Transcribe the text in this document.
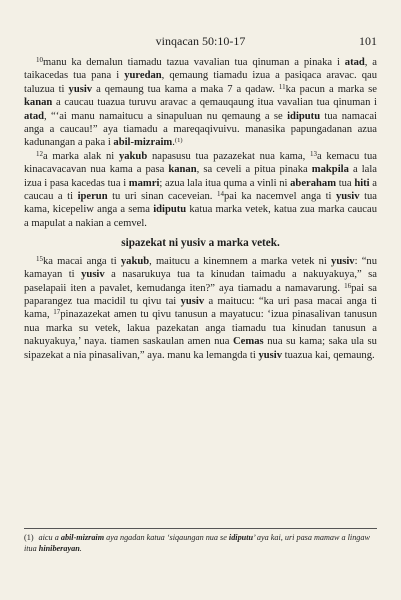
vinqacan 50:10-17	101

$^{10}$manu ka demalun tiamadu tazua vavalian tua qinuman a pinaka i atad, a taikacedas tua pana i yuredan, qemaung tiamadu izua a pasiqaca aravac. qau taluzua ti yusiv a qemaung tua kama a maka 7 a qadaw. $^{11}$ka pacun a marka se kanan a caucau tuazua turuvu aravac a qemauqaung itua vavalian tua qinuman i atad, “‘ai manu namaitucu a sinapuluan nu qemaung a se idiputu tua namacai anga a caucau!” aya tiamadu a mareqaqivuivu. manasika papungadanan azua kadunangan a paka i abil-mizraim.$^{(1)}$

$^{12}$a marka alak ni yakub napasusu tua pazazekat nua kama, $^{13}$a kemacu tua kinacavacavan nua kama a pasa kanan, sa ceveli a pitua pinaka makpila a lala izua i pasa kacedas tua i mamri; azua lala itua quma a vinli ni aberaham tua hiti a caucau a ti iperun tu uri sinan caceveian. $^{14}$pai ka nacemvel anga ti yusiv tua kama, kicepeliw anga a sema idiputu katua marka vetek, katua zua marka caucau a mapulat a nakian a cemvel.

sipazekat ni yusiv a marka vetek.

$^{15}$ka macai anga ti yakub, maitucu a kinemnem a marka vetek ni yusiv: “nu kamayan ti yusiv a nasarukuya tua ta kinudan taimadu a nakuyakuya,” sa paselapaii iten a pavalet, kemudanga iten?” aya tiamadu a namavarung. $^{16}$pai sa paparangez tua macidil tu qivu tai yusiv a maitucu: “ka uri pasa macai anga ti kama, $^{17}$pinazazekat amen tu qivu tanusun a mayatucu: ‘izua pinasalivan tanusun nua marka su vetek, lakua pazekatan anga tiamadu tua kinudan tanusun a nakuyakuya,’ naya. tiamen saskaulan amen nua Cemas nua su kama; saka ula su sipazekat a nia pinasalivan,” aya. manu ka lemangda ti yusiv tuazua kai, qemaung.

(1) aicu a abil-mizraim aya ngadan katua ‘siqaungan nua se idiputu’ aya kai, uri pasa mamaw a lingaw itua hiniberayan.
